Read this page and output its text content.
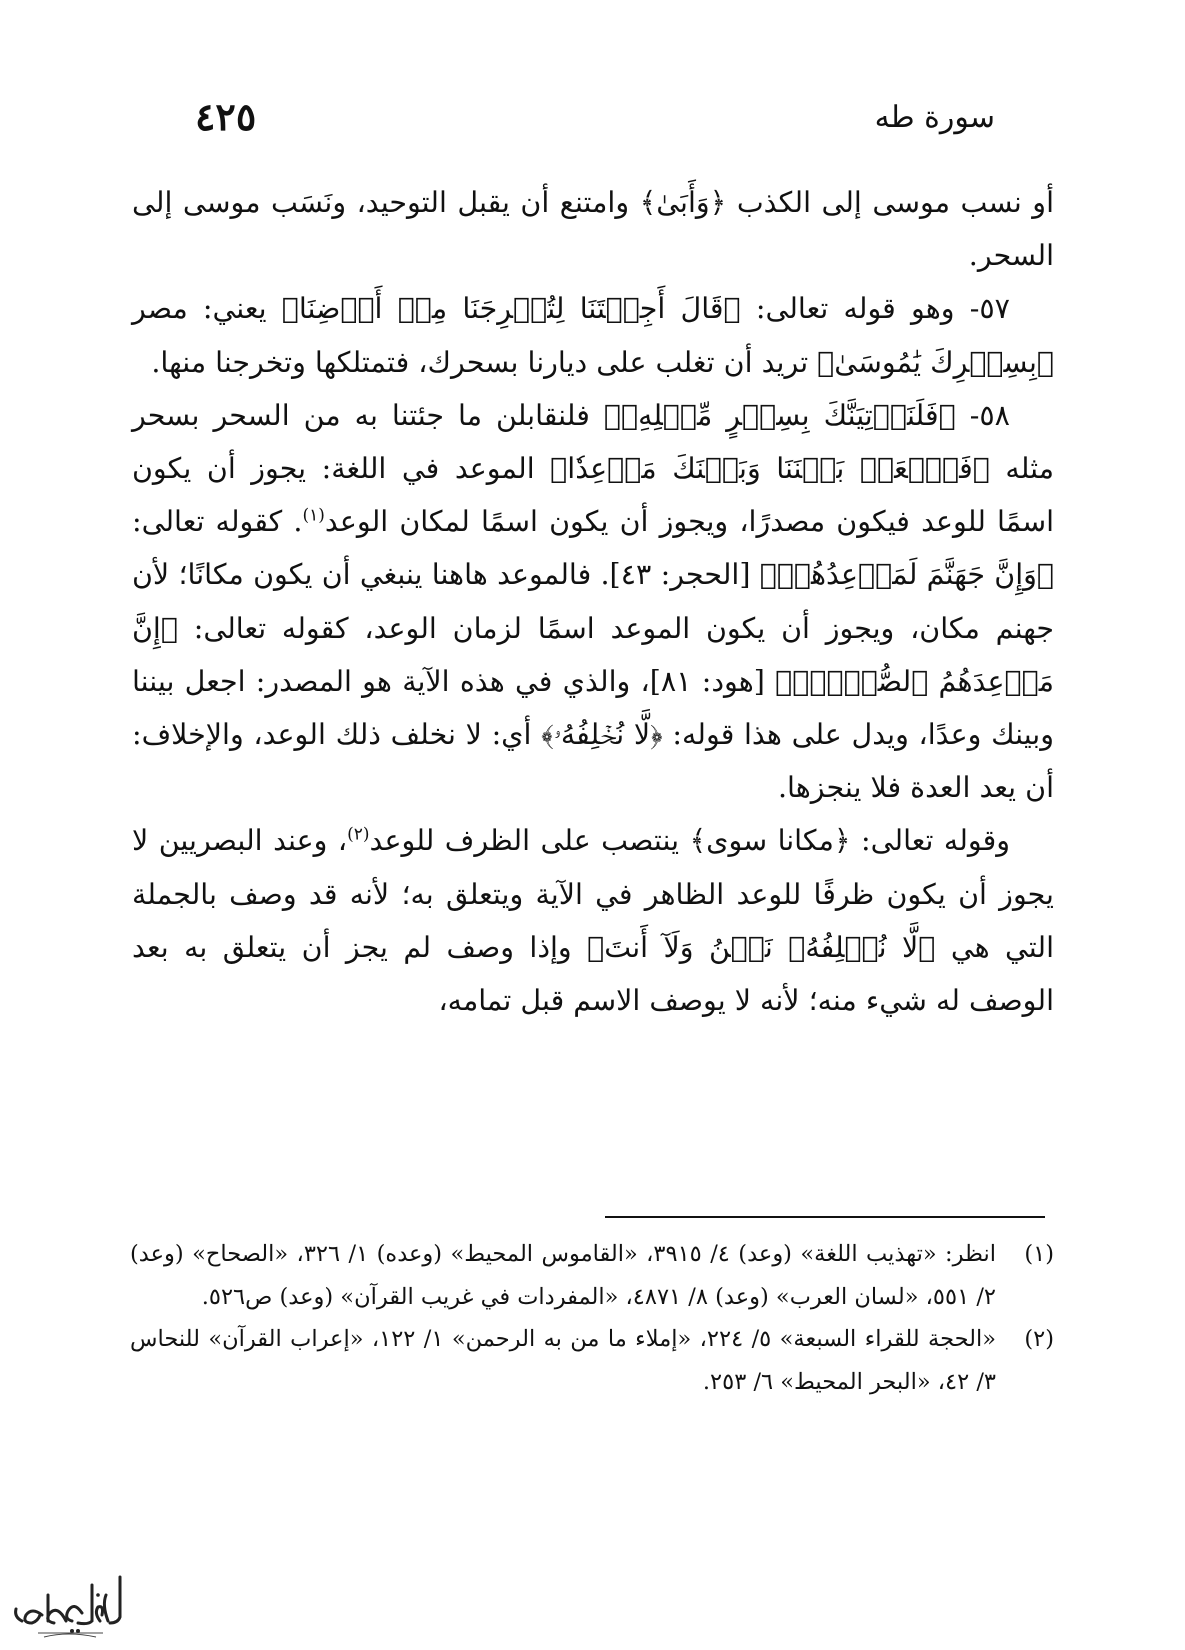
سورة طه
٤٢٥

أو نسب موسى إلى الكذب ﴿وَأَبَىٰ﴾ وامتنع أن يقبل التوحيد، ونَسَب موسى إلى السحر.

٥٧- وهو قوله تعالى: ﴿قَالَ أَجِئۡتَنَا لِتُخۡرِجَنَا مِنۡ أَرۡضِنَا﴾ يعني: مصر ﴿بِسِحۡرِكَ يَٰمُوسَىٰ﴾ تريد أن تغلب على ديارنا بسحرك، فتمتلكها وتخرجنا منها.

٥٨- ﴿فَلَنَأۡتِيَنَّكَ بِسِحۡرٍ مِّثۡلِهِۦ﴾ فلنقابلن ما جئتنا به من السحر بسحر مثله ﴿فَٱجۡعَلۡ بَيۡنَنَا وَبَيۡنَكَ مَوۡعِدٗا﴾ الموعد في اللغة: يجوز أن يكون اسمًا للوعد فيكون مصدرًا، ويجوز أن يكون اسمًا لمكان الوعد$^{(١)}$. كقوله تعالى: ﴿وَإِنَّ جَهَنَّمَ لَمَوۡعِدُهُمۡ﴾ [الحجر: ٤٣]. فالموعد هاهنا ينبغي أن يكون مكانًا؛ لأن جهنم مكان، ويجوز أن يكون الموعد اسمًا لزمان الوعد، كقوله تعالى: ﴿إِنَّ مَوۡعِدَهُمُ ٱلصُّبۡحُۚ﴾ [هود: ٨١]، والذي في هذه الآية هو المصدر: اجعل بيننا وبينك وعدًا، ويدل على هذا قوله: ﴿لَّا نُخۡلِفُهُۥ﴾ أي: لا نخلف ذلك الوعد، والإخلاف: أن يعد العدة فلا ينجزها.

وقوله تعالى: ﴿مكانا سوى﴾ ينتصب على الظرف للوعد$^{(٢)}$، وعند البصريين لا يجوز أن يكون ظرفًا للوعد الظاهر في الآية ويتعلق به؛ لأنه قد وصف بالجملة التي هي ﴿لَّا نُخۡلِفُهُۥ نَحۡنُ وَلَآ أَنتَ﴾ وإذا وصف لم يجز أن يتعلق به بعد الوصف له شيء منه؛ لأنه لا يوصف الاسم قبل تمامه،

(١)
انظر: «تهذيب اللغة» (وعد) ٤/ ٣٩١٥، «القاموس المحيط» (وعده) ١/ ٣٢٦، «الصحاح» (وعد) ٢/ ٥٥١، «لسان العرب» (وعد) ٨/ ٤٨٧١، «المفردات في غريب القرآن» (وعد) ص٥٢٦.

(٢)
«الحجة للقراء السبعة» ٥/ ٢٢٤، «إملاء ما من به الرحمن» ١/ ١٢٢، «إعراب القرآن» للنحاس ٣/ ٤٢، «البحر المحيط» ٦/ ٢٥٣.
